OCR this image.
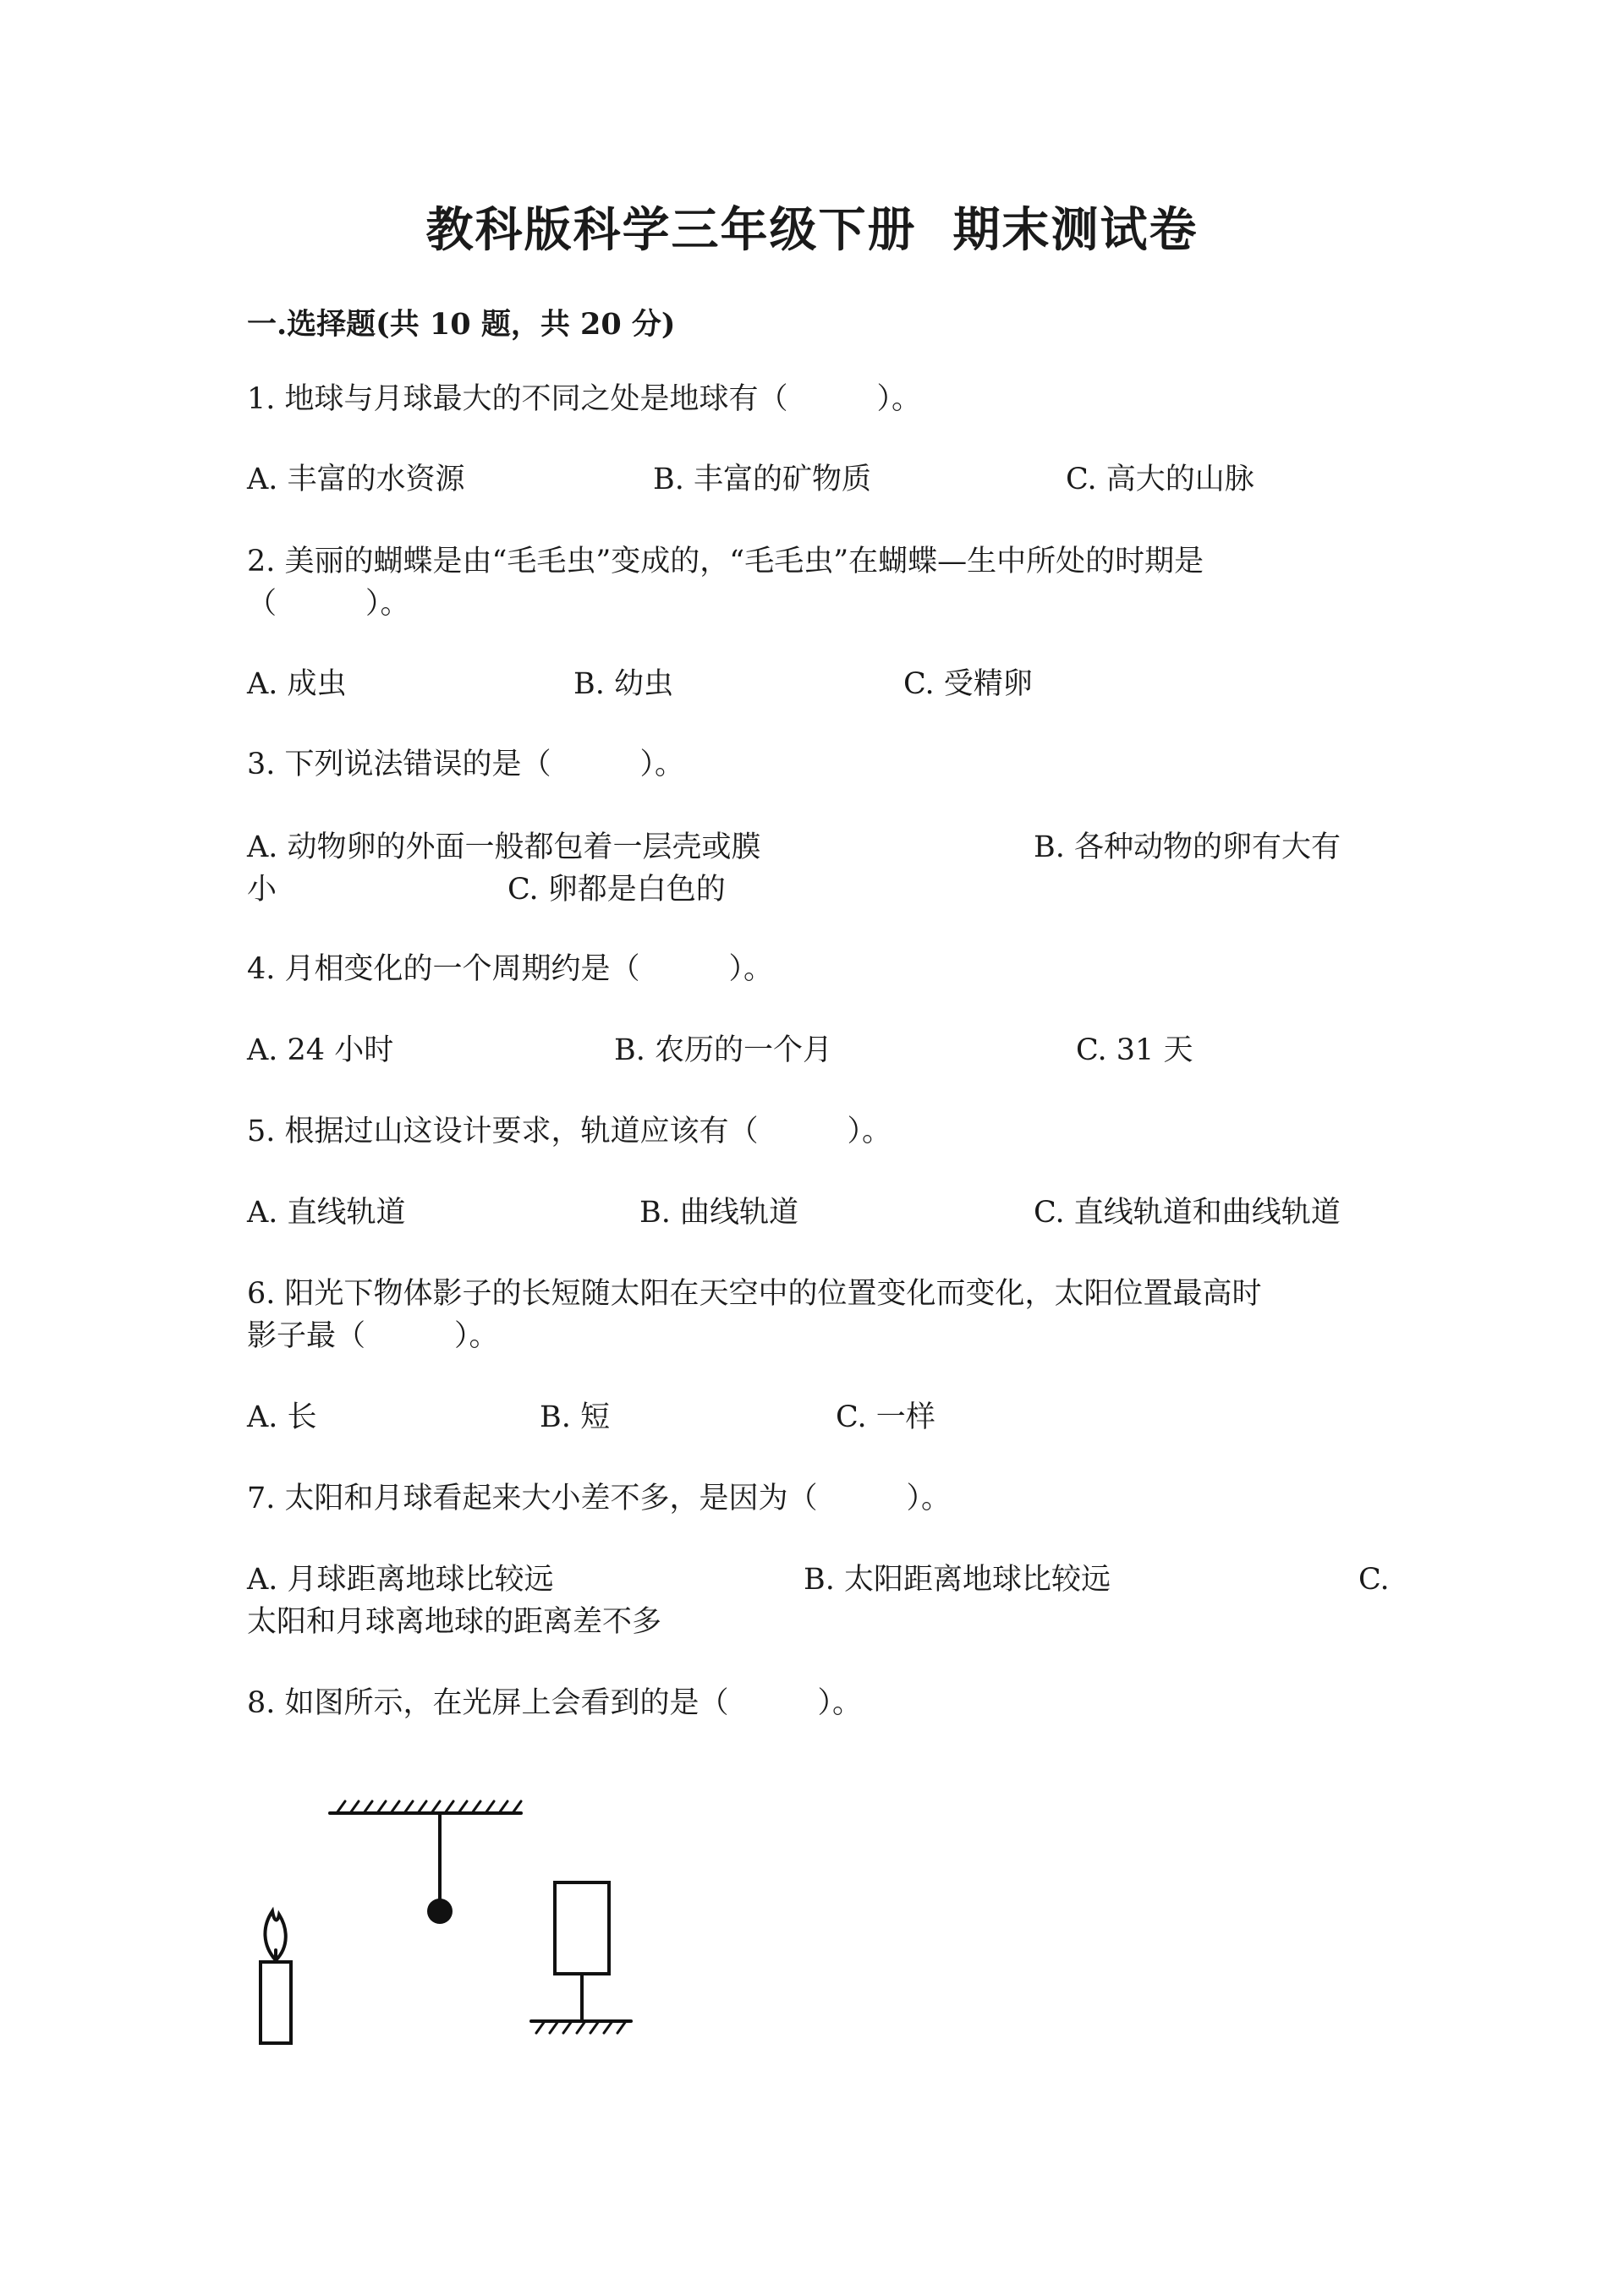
教科版科学三年级下册  期末测试卷
一.选择题(共 10 题，共 20 分)
1. 地球与月球最大的不同之处是地球有（　　　）。
A. 丰富的水资源	B. 丰富的矿物质	C. 高大的山脉
2. 美丽的蝴蝶是由“毛毛虫”变成的，“毛毛虫”在蝴蝶—生中所处的时期是
（　　　）。
A. 成虫	B. 幼虫	C. 受精卵
3. 下列说法错误的是（　　　）。
A. 动物卵的外面一般都包着一层壳或膜	B. 各种动物的卵有大有
小	C. 卵都是白色的
4. 月相变化的一个周期约是（　　　）。
A. 24 小时	B. 农历的一个月	C. 31 天
5. 根据过山这设计要求，轨道应该有（　　　）。
A. 直线轨道	B. 曲线轨道	C. 直线轨道和曲线轨道
6. 阳光下物体影子的长短随太阳在天空中的位置变化而变化，太阳位置最高时
影子最（　　　）。
A. 长	B. 短	C. 一样
7. 太阳和月球看起来大小差不多，是因为（　　　）。
A. 月球距离地球比较远	B. 太阳距离地球比较远	C.
太阳和月球离地球的距离差不多
8. 如图所示，在光屏上会看到的是（　　　）。
